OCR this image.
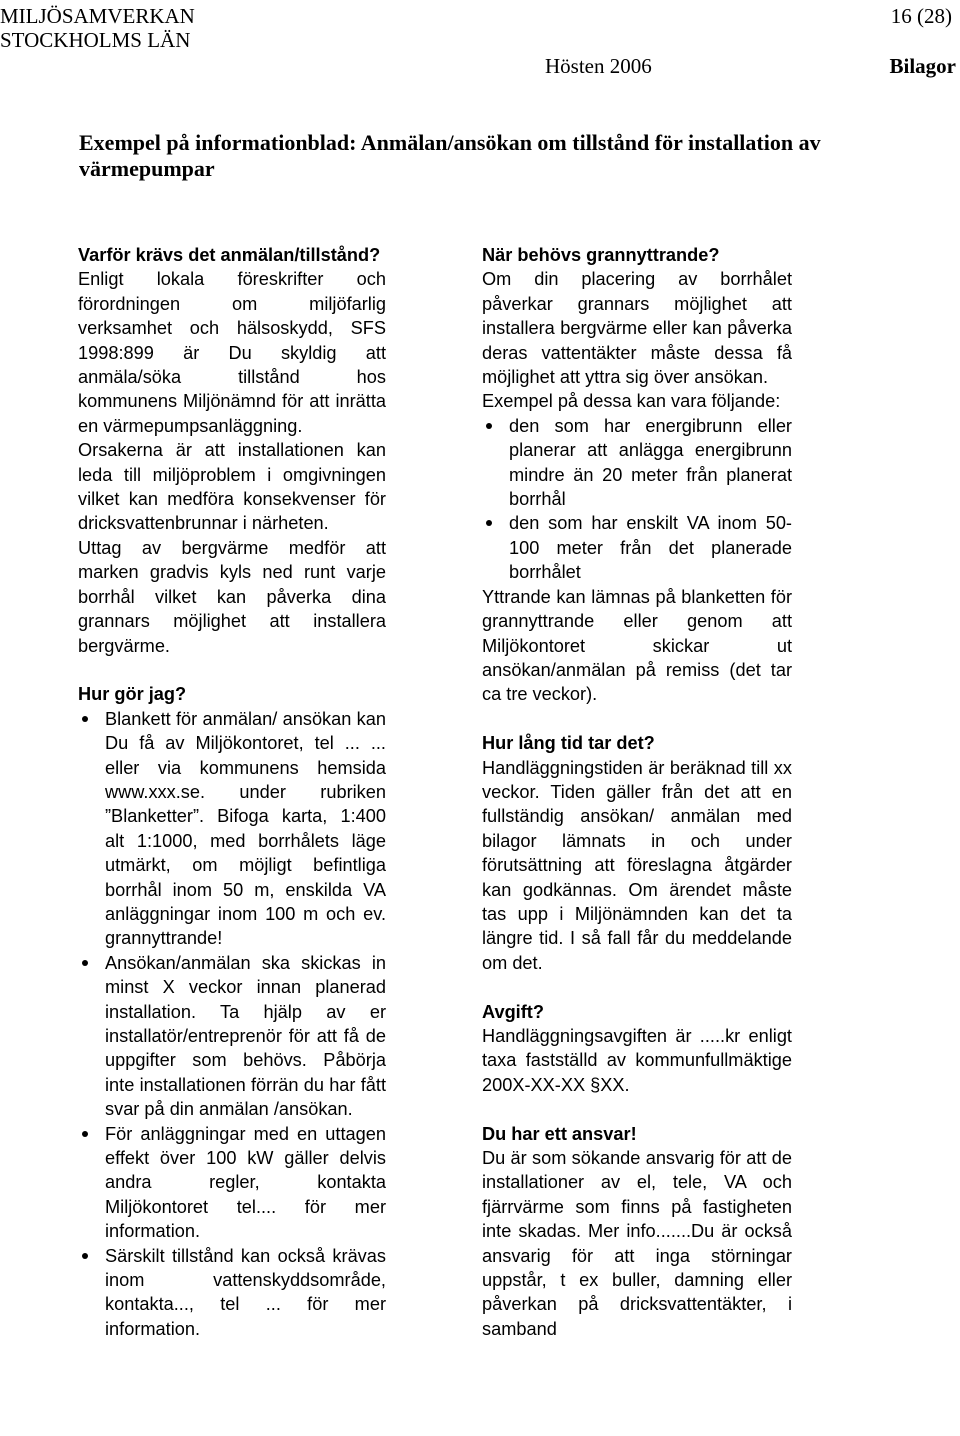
MILJÖSAMVERKAN
STOCKHOLMS LÄN
16 (28)
Hösten 2006	Bilagor
Exempel på informationblad: Anmälan/ansökan om tillstånd för installation av värmepumpar

Varför krävs det anmälan/tillstånd?

Enligt lokala föreskrifter och förordningen om miljöfarlig verksamhet och hälsoskydd, SFS 1998:899 är Du skyldig att anmäla/söka tillstånd hos kommunens Miljönämnd för att inrätta en värmepumpsanläggning.

Orsakerna är att installationen kan leda till miljöproblem i omgivningen vilket kan medföra konsekvenser för dricksvattenbrunnar i närheten.

Uttag av bergvärme medför att marken gradvis kyls ned runt varje borrhål vilket kan påverka dina grannars möjlighet att installera bergvärme.

Hur gör jag?

Blankett för anmälan/ ansökan kan Du få av Miljökontoret, tel ... ... eller via kommunens hemsida www.xxx.se. under rubriken ”Blanketter”. Bifoga karta, 1:400 alt 1:1000, med borrhålets läge utmärkt, om möjligt befintliga borrhål inom 50 m, enskilda VA anläggningar inom 100 m och ev. grannyttrande!
Ansökan/anmälan ska skickas in minst X veckor innan planerad installation. Ta hjälp av er installatör/entreprenör för att få de uppgifter som behövs. Påbörja inte installationen förrän du har fått svar på din anmälan /ansökan.
För anläggningar med en uttagen effekt över 100 kW gäller delvis andra regler, kontakta Miljökontoret tel.... för mer information.
Särskilt tillstånd kan också krävas inom vattenskyddsområde, kontakta..., tel ... för mer information.

När behövs grannyttrande?

Om din placering av borrhålet påverkar grannars möjlighet att installera bergvärme eller kan påverka deras vattentäkter måste dessa få möjlighet att yttra sig över ansökan.

Exempel på dessa kan vara följande:

den som har energibrunn eller planerar att anlägga energibrunn mindre än 20 meter från planerat borrhål
den som har enskilt VA inom 50-100 meter från det planerade borrhålet

Yttrande kan lämnas på blanketten för grannyttrande eller genom att Miljökontoret skickar ut ansökan/anmälan på remiss (det tar ca tre veckor).

Hur lång tid tar det?

Handläggningstiden är beräknad till xx veckor. Tiden gäller från det att en fullständig ansökan/ anmälan med bilagor lämnats in och under förutsättning att föreslagna åtgärder kan godkännas. Om ärendet måste tas upp i Miljönämnden kan det ta längre tid. I så fall får du meddelande om det.

Avgift?

Handläggningsavgiften är .....kr enligt taxa fastställd av kommunfullmäktige 200X-XX-XX §XX.

Du har ett ansvar!

Du är som sökande ansvarig för att de installationer av el, tele, VA och fjärrvärme som finns på fastigheten inte skadas. Mer info.......Du är också ansvarig för att inga störningar uppstår, t ex buller, damning eller påverkan på dricksvattentäkter, i samband
